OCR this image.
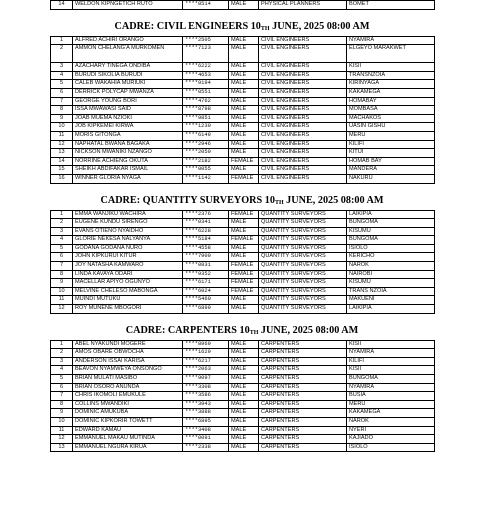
14	WELDON KIPNGETICH RUTO	****8514	MALE	PHYSICAL PLANNERS	BOMET
CADRE: CIVIL ENGINEERS $10_{TH}$ JUNE, 2025 08:00 AM
1	ALFRED ACHIRI ORANGO	****2505	MALE	CIVIL ENGINEERS	NYAMIRA
2	AMMON CHELANG'A MURKOMEN	****7123	MALE	CIVIL ENGINEERS	ELGEYO MARAKWET
3	AZACHARY TINEGA ONDIBA	****6222	MALE	CIVIL ENGINEERS	KISII
4	BURUDI SIKOLIA BURUDI	****4653	MALE	CIVIL ENGINEERS	TRANSNZOIA
5	CALEB WAKAHIA MURIUKI	****9194	MALE	CIVIL ENGINEERS	KIRINYAGA
6	DERRICK POLYCAP MWANZA	****0551	MALE	CIVIL ENGINEERS	KAKAMEGA
7	GEORGE YOUNG BORI	****4762	MALE	CIVIL ENGINEERS	HOMABAY
8	ISSA MWAWASI SAID	****8798	MALE	CIVIL ENGINEERS	MOMBASA
9	JOAB MUEMA NZIOKI	****9851	MALE	CIVIL ENGINEERS	MACHAKOS
10	JOB KIPKEMEI KIRWA	****1230	MALE	CIVIL ENGINEERS	UASIN GISHU
11	MORIS GITONGA	****6149	MALE	CIVIL ENGINEERS	MERU
12	NAPHATAL BWANA BAGAKA	****2946	MALE	CIVIL ENGINEERS	KILIFI
13	NICKSON MWANIKI NZANGO	****2050	MALE	CIVIL ENGINEERS	KITUI
14	NORRINE ACHIENG OKUTA	****2182	FEMALE	CIVIL ENGINEERS	HOMAB BAY
15	SHEIKH ABDIFAKAR ISMAIL	****0055	MALE	CIVIL ENGINEERS	MANDERA
16	WINNER GLORIA NYAGA	****1142	FEMALE	CIVIL ENGINEERS	NAKURU
CADRE: QUANTITY SURVEYORS $10_{TH}$ JUNE, 2025 08:00 AM
1	EMMA WANJIKU WACHIRA	****2376	FEMALE	QUANTITY SURVEYORS	LAIKIPIA
2	EUGENE KUNDU SIRENGO	****0341	MALE	QUANTITY SURVEYORS	BUNGOMA
3	EVANS OTIENO NYAIDHO	****6228	MALE	QUANTITY SURVEYORS	KISUMU
4	GLORIE NEKESA NALYANYA	****5184	FEMALE	QUANTITY SURVEYORS	BUNGOMA
5	GODANA GODANA NURO	****4558	MALE	QUANTITY SURVEYORS	ISIOLO
6	JOHN KIPKURUI KITUR	****7900	MALE	QUANTITY SURVEYORS	KERICHO
7	JOY NATASHA KAMWARO	****0831	FEMALE	QUANTITY SURVEYORS	NAROK
8	LINDA KAVAYA ODARI	****9352	FEMALE	QUANTITY SURVEYORS	NAIROBI
9	MACELLAR APIYO OGUNYO	****6171	FEMALE	QUANTITY SURVEYORS	KISUMU
10	MELVINE CHELESO MABONGA	****6024	FEMALE	QUANTITY SURVEYORS	TRANS NZOIA
11	MUINDI MUTUKU	****5460	MALE	QUANTITY SURVEYORS	MAKUENI
12	ROY MUNENE MBOGORI	****6899	MALE	QUANTITY SURVEYORS	LAIKIPIA
CADRE: CARPENTERS $10_{TH}$ JUNE, 2025 08:00 AM
1	ABEL NYAKUNDI MOGERE	****8969	MALE	CARPENTERS	KISII
2	AMOS OBARE OBWOCHA	****1629	MALE	CARPENTERS	NYAMIRA
3	ANDERSON ISSAI KARISA	****6217	MALE	CARPENTERS	KILIFI
4	BEAVON NYAMWEYA ONSONGO	****2063	MALE	CARPENTERS	KISII
5	BRIAN MULATI MASIBO	****9097	MALE	CARPENTERS	BUNGOMA
6	BRIAN OSORO ANUNDA	****3308	MALE	CARPENTERS	NYAMIRA
7	CHRIS IKOMOLI EMUKULE	****3586	MALE	CARPENTERS	BUSIA
8	COLLINS MWANDIKI	****3943	MALE	CARPENTERS	MERU
9	DOMINIC AMUKUBA	****3888	MALE	CARPENTERS	KAKAMEGA
10	DOMINIC KIPKORIR TOWETT	****6895	MALE	CARPENTERS	NAROK
11	EDWARD KAMAU	****3408	MALE	CARPENTERS	NYERI
12	EMMANUEL MAKAU MUTINDA	****0091	MALE	CARPENTERS	KAJIADO
13	EMMANUEL NGURA KIRUA	****2338	MALE	CARPENTERS	ISIOLO
